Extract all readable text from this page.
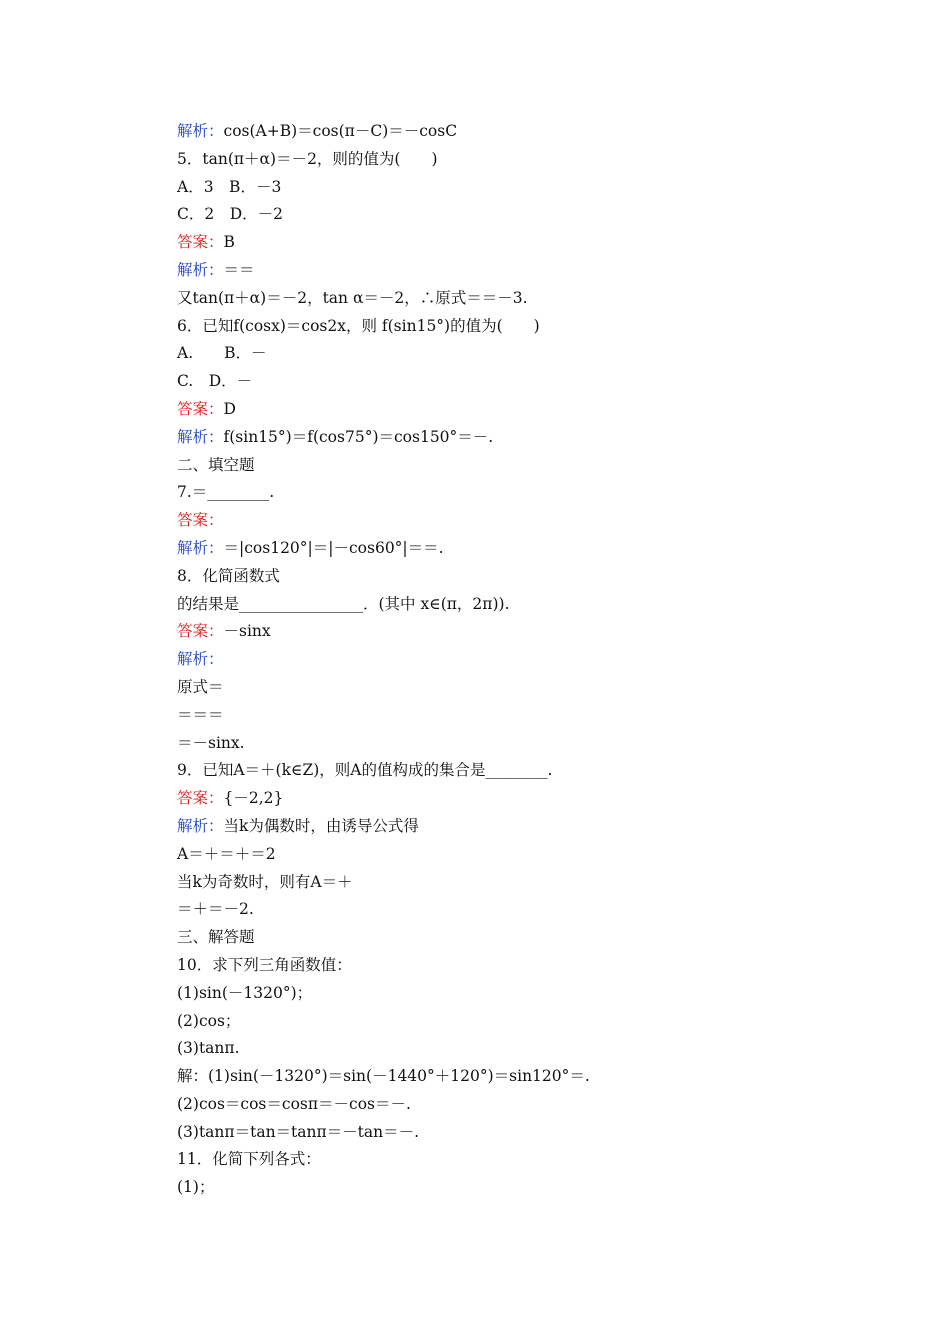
解析：cos(A+B)＝cos(π－C)＝－cosC
5．tan(π＋α)＝－2，则的值为(　　)
A．3　B．－3
C．2　D．－2
答案：B
解析：＝＝
又tan(π＋α)＝－2，tan α＝－2，∴原式＝＝－3.
6．已知f(cosx)＝cos2x，则 f(sin15°)的值为(　　)
A.　　B．－
C.　D．－
答案：D
解析：f(sin15°)＝f(cos75°)＝cos150°＝－.
二、填空题
7.＝________.
答案：
解析：＝|cos120°|＝|－cos60°|＝＝.
8．化简函数式
的结果是________________．(其中 x∈(π，2π)).
答案：－sinx
解析：
原式＝
＝＝＝
＝－sinx.
9．已知A＝＋(k∈Z)，则A的值构成的集合是________.
答案：{－2,2}
解析：当k为偶数时，由诱导公式得
A＝＋＝＋＝2
当k为奇数时，则有A＝＋
＝＋＝－2.
三、解答题
10．求下列三角函数值：
(1)sin(－1320°)；
(2)cos；
(3)tanπ.
解：(1)sin(－1320°)＝sin(－1440°＋120°)＝sin120°＝.
(2)cos＝cos＝cosπ＝－cos＝－.
(3)tanπ＝tan＝tanπ＝－tan＝－.
11．化简下列各式：
(1)；
